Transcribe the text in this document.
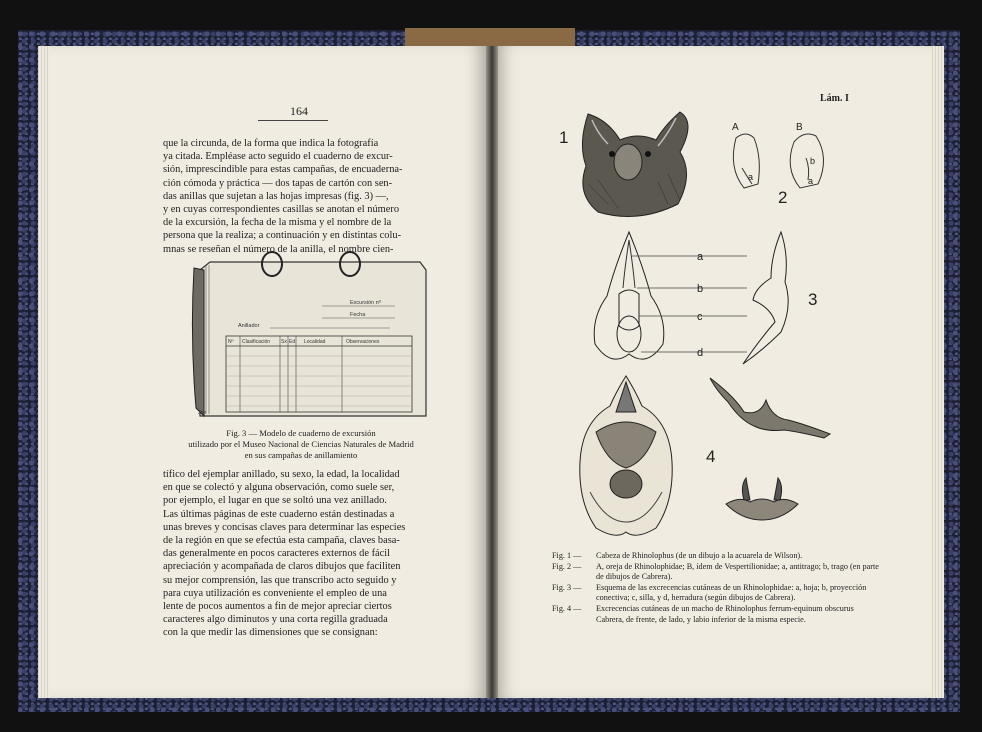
164

que la circunda, de la forma que indica la fotografía

ya citada. Empléase acto seguido el cuaderno de excur-

sión, imprescindible para estas campañas, de encuaderna-

ción cómoda y práctica — dos tapas de cartón con sen-

das anillas que sujetan a las hojas impresas (fig. 3) —,

y en cuyas correspondientes casillas se anotan el número

de la excursión, la fecha de la misma y el nombre de la

persona que la realiza; a continuación y en distintas colu-

mnas se reseñan el número de la anilla, el nombre cien-

Excursión nº
Fecha
Anillador
Nº Clasificación Sx Ed Localidad	Observaciones
3ne
Fig. 3 — Modelo de cuaderno de excursión
utilizado por el Museo Nacional de Ciencias Naturales de Madrid
en sus campañas de anillamiento

tífico del ejemplar anillado, su sexo, la edad, la localidad

en que se colectó y alguna observación, como suele ser,

por ejemplo, el lugar en que se soltó una vez anillado.

Las últimas páginas de este cuaderno están destinadas a

unas breves y concisas claves para determinar las especies

de la región en que se efectúa esta campaña, claves basa-

das generalmente en pocos caracteres externos de fácil

apreciación y acompañada de claros dibujos que faciliten

su mejor comprensión, las que transcribo acto seguido y

para cuya utilización es conveniente el empleo de una

lente de pocos aumentos a fin de mejor apreciar ciertos

caracteres algo diminutos y una corta regilla graduada

con la que medir las dimensiones que se consignan:

Lám. I
1
2
3
4
A	B
a
b
a
a
b
c
d
Fig. 1 —	Cabeza de Rhinolophus (de un dibujo a la acuarela de Wilson).
Fig. 2 —	A, oreja de Rhinolophidae; B, ídem de Vespertilionidae; a, antitrago; b, trago (en parte de dibujos de Cabrera).
Fig. 3 —	Esquema de las excrecencias cutáneas de un Rhinolophidae: a, hoja; b, proyección conectiva; c, silla, y d, herradura (según dibujos de Cabrera).
Fig. 4 —	Excrecencias cutáneas de un macho de Rhinolophus ferrum-equinum obscurus Cabrera, de frente, de lado, y labio inferior de la misma especie.
